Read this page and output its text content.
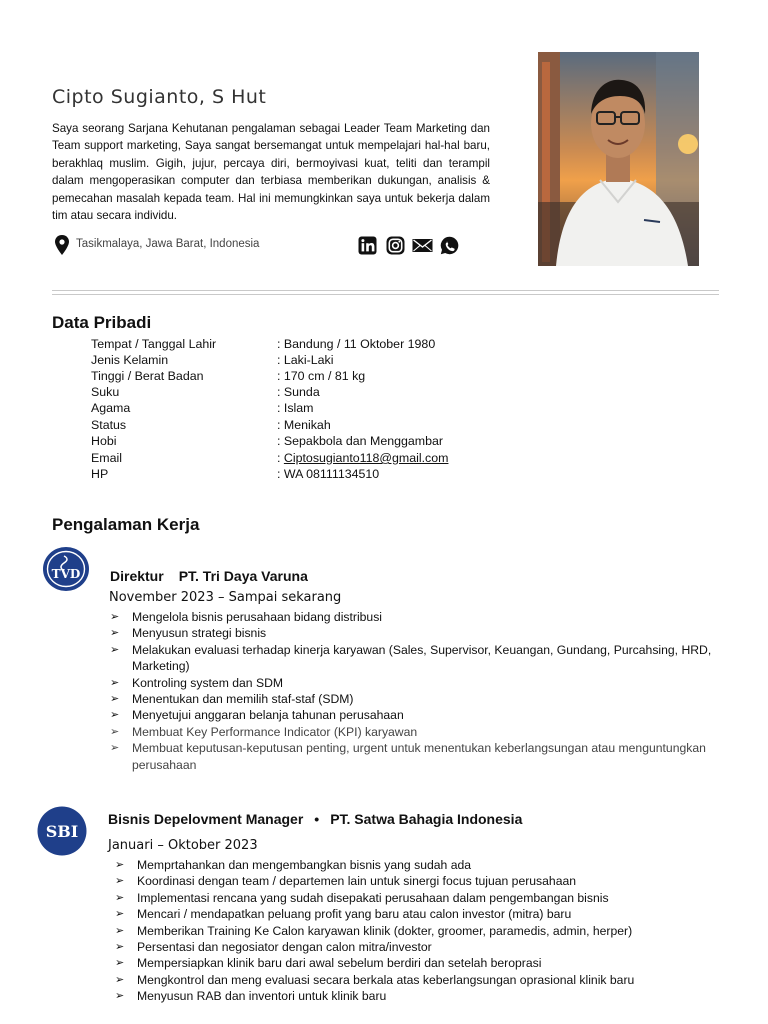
Cipto Sugianto, S Hut
Saya seorang Sarjana Kehutanan pengalaman sebagai Leader Team Marketing dan Team support marketing, Saya sangat bersemangat untuk mempelajari hal-hal baru, berakhlaq muslim. Gigih, jujur, percaya diri, bermoyivasi kuat, teliti dan terampil dalam mengoperasikan computer dan terbiasa memberikan dukungan, analisis & pemecahan masalah kepada team. Hal ini memungkinkan saya untuk bekerja dalam tim atau secara individu.
Tasikmalaya, Jawa Barat, Indonesia
Data Pribadi
Tempat / Tanggal Lahir	: Bandung / 11 Oktober 1980
Jenis Kelamin	: Laki-Laki
Tinggi / Berat Badan	: 170 cm / 81 kg
Suku	: Sunda
Agama	: Islam
Status	: Menikah
Hobi	: Sepakbola dan Menggambar
Email	: Ciptosugianto118@gmail.com
HP	: WA 08111134510
Pengalaman Kerja
TVD Direktur PT. Tri Daya Varuna
November 2023 – Sampai sekarang
➢	Mengelola bisnis perusahaan bidang distribusi
➢	Menyusun strategi bisnis
➢	Melakukan evaluasi terhadap kinerja karyawan (Sales, Supervisor, Keuangan, Gundang, Purcahsing, HRD, Marketing)
➢	Kontroling system dan SDM
➢	Menentukan dan memilih staf-staf (SDM)
➢	Menyetujui anggaran belanja tahunan perusahaan
➢	Membuat Key Performance Indicator (KPI) karyawan
➢	Membuat keputusan-keputusan penting, urgent untuk menentukan keberlangsungan atau menguntungkan perusahaan
SBI
Bisnis Depelovment Manager • PT. Satwa Bahagia Indonesia
Januari – Oktober 2023
➢	Memprtahankan dan mengembangkan bisnis yang sudah ada
➢	Koordinasi dengan team / departemen lain untuk sinergi focus tujuan perusahaan
➢	Implementasi rencana yang sudah disepakati perusahaan dalam pengembangan bisnis
➢	Mencari / mendapatkan peluang profit yang baru atau calon investor (mitra) baru
➢	Memberikan Training Ke Calon karyawan klinik (dokter, groomer, paramedis, admin, herper)
➢	Persentasi dan negosiator dengan calon mitra/investor
➢	Mempersiapkan klinik baru dari awal sebelum berdiri dan setelah beroprasi
➢	Mengkontrol dan meng evaluasi secara berkala atas keberlangsungan oprasional klinik baru
➢	Menyusun RAB dan inventori untuk klinik baru
